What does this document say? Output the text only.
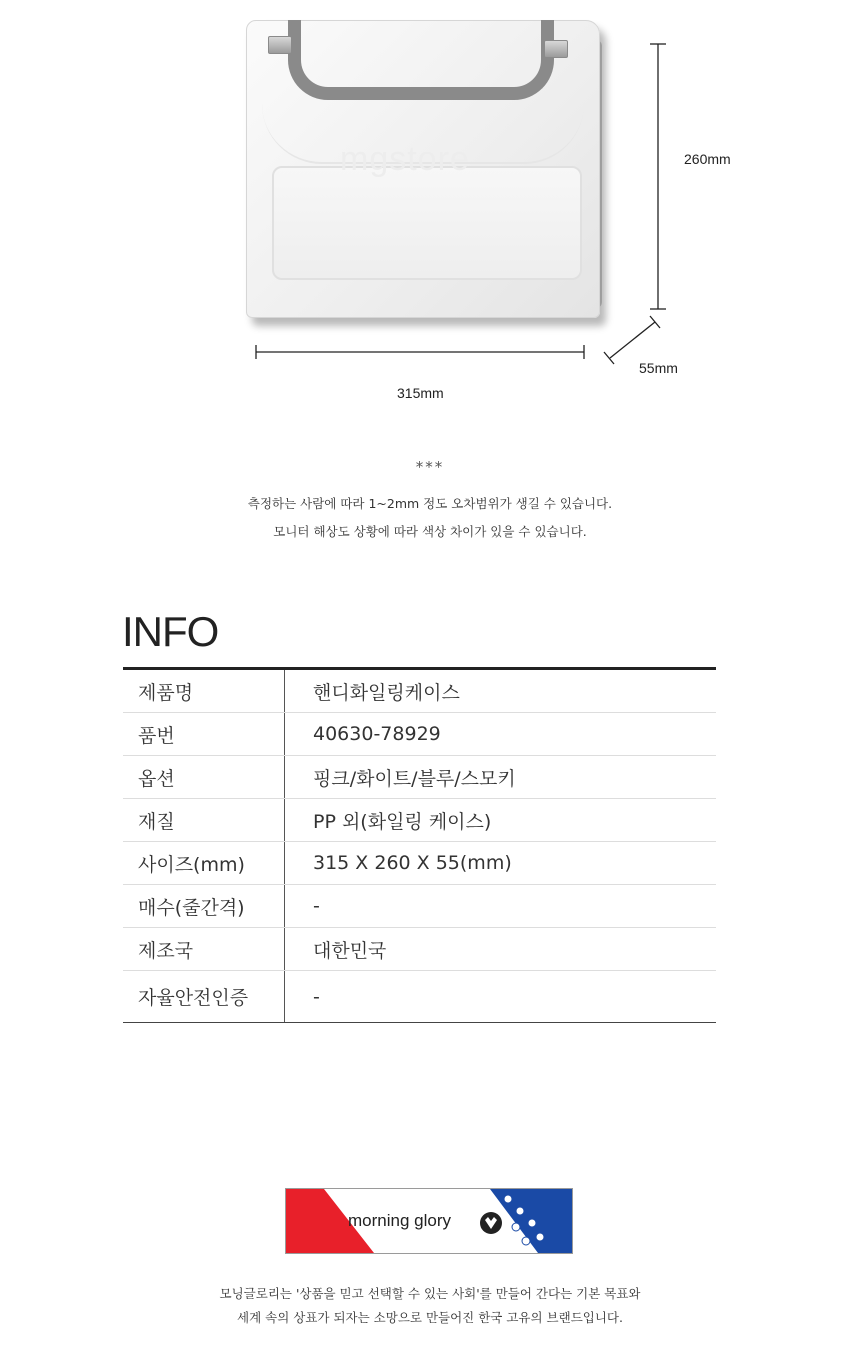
mgstore	260mm
315mm
55mm
***
측정하는 사람에 따라 1~2mm 정도 오차범위가 생길 수 있습니다.
모니터 해상도 상황에 따라 색상 차이가 있을 수 있습니다.
INFO
제품명	핸디화일링케이스
품번	40630-78929
옵션	핑크/화이트/블루/스모키
재질	PP 외(화일링 케이스)
사이즈(mm)	315 X 260 X 55(mm)
매수(줄간격)	-
제조국	대한민국
자율안전인증	-
morning glory
모닝글로리는 '상품을 믿고 선택할 수 있는 사회'를 만들어 간다는 기본 목표와
세계 속의 상표가 되자는 소망으로 만들어진 한국 고유의 브랜드입니다.
